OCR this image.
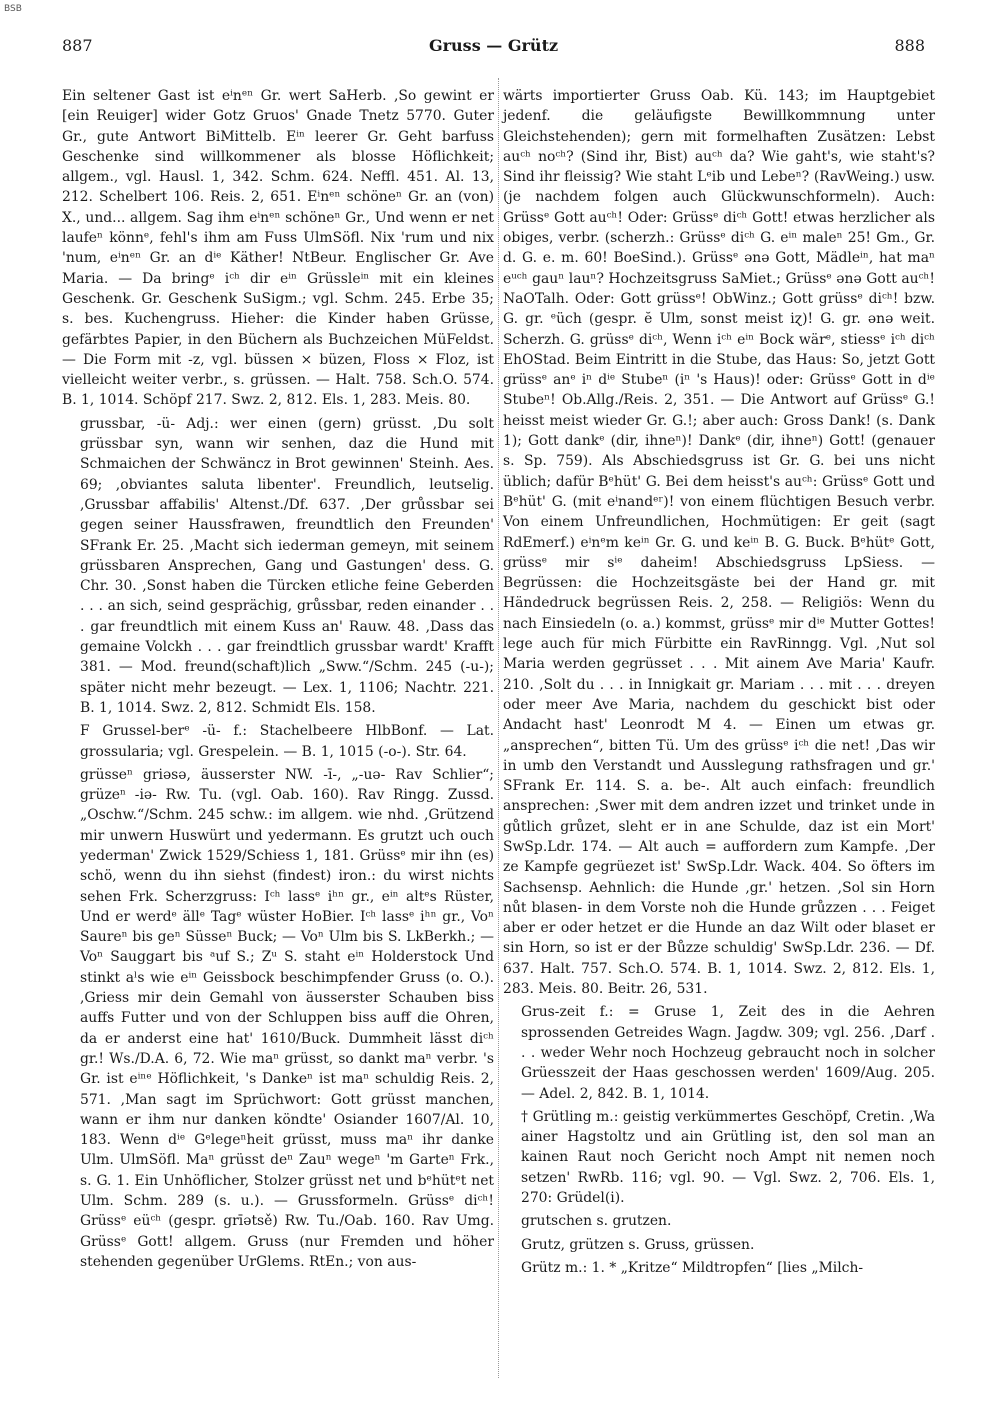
BSB
887	Gruss — Grütz	888

Ein seltener Gast ist eⁱnᵉⁿ Gr. wert SaHerb. ,So gewint er [ein Reuiger] wider Gotz Gruos' Gnade Tnetz 5770. Guter Gr., gute Antwort BiMittelb. Eⁱⁿ leerer Gr. Geht barfuss Geschenke sind willkommener als blosse Höflichkeit; allgem., vgl. Hausl. 1, 342. Schm. 624. Neffl. 451. Al. 13, 212. Schelbert 106. Reis. 2, 651. Eⁱnᵉⁿ schöneⁿ Gr. an (von) X., und... allgem. Sag ihm eⁱnᵉⁿ schöneⁿ Gr., Und wenn er net laufeⁿ könnᵉ, fehl's ihm am Fuss UlmSöfl. Nix 'rum und nix 'num, eⁱnᵉⁿ Gr. an dⁱᵉ Käther! NtBeur. Englischer Gr. Ave Maria. — Da bringᵉ iᶜʰ dir eⁱⁿ Grüssleⁱⁿ mit ein kleines Geschenk. Gr. Geschenk SuSigm.; vgl. Schm. 245. Erbe 35; s. bes. Kuchengruss. Hieher: die Kinder haben Grüsse, gefärbtes Papier, in den Büchern als Buchzeichen MüFeldst. — Die Form mit -z, vgl. büssen × büzen, Floss × Floz, ist vielleicht weiter verbr., s. grüssen. — Halt. 758. Sch.O. 574. B. 1, 1014. Schöpf 217. Swz. 2, 812. Els. 1, 283. Meis. 80.

grussbar, -ü- Adj.: wer einen (gern) grüsst. ,Du solt grüssbar syn, wann wir senhen, daz die Hund mit Schmaichen der Schwäncz in Brot gewinnen' Steinh. Aes. 69; ,obviantes saluta libenter'. Freundlich, leutselig. ,Grussbar affabilis' Altenst./Df. 637. ,Der grůssbar sei gegen seiner Haussfrawen, freundtlich den Freunden' SFrank Er. 25. ,Macht sich iederman gemeyn, mit seinem grüssbaren Ansprechen, Gang und Gastungen' dess. G. Chr. 30. ,Sonst haben die Türcken etliche feine Geberden . . . an sich, seind gesprächig, grůssbar, reden einander . . . gar freundtlich mit einem Kuss an' Rauw. 48. ,Dass das gemaine Volckh . . . gar freindtlich grussbar wardt' Krafft 381. — Mod. freund(schaft)lich „Sww.“/Schm. 245 (-u-); später nicht mehr bezeugt. — Lex. 1, 1106; Nachtr. 221. B. 1, 1014. Swz. 2, 812. Schmidt Els. 158.

F Grussel-berᵉ -ü- f.: Stachelbeere HlbBonf. — Lat. grossularia; vgl. Grespelein. — B. 1, 1015 (-o-). Str. 64.

grüsseⁿ griəsə, äusserster NW. -ī-, „-uə- Rav Schlier“; grüzeⁿ -iə- Rw. Tu. (vgl. Oab. 160). Rav Ringg. Zussd. „Oschw.“/Schm. 245 schw.: im allgem. wie nhd. ,Grützend mir unwern Huswürt und yedermann. Es grutzt uch ouch yederman' Zwick 1529/Schiess 1, 181. Grüssᵉ mir ihn (es) schö, wenn du ihn siehst (findest) iron.: du wirst nichts sehen Frk. Scherzgruss: Iᶜʰ lassᵉ iʰⁿ gr., eⁱⁿ altᵉs Rüster, Und er werdᵉ ällᵉ Tagᵉ wüster HoBier. Iᶜʰ lassᵉ iʰⁿ gr., Voⁿ Saureⁿ bis geⁿ Süsseⁿ Buck; — Voⁿ Ulm bis S. LkBerkh.; — Voⁿ Sauggart bis ᵃuf S.; Zᵘ S. staht eⁱⁿ Holderstock Und stinkt aˡs wie eⁱⁿ Geissbock beschimpfender Gruss (o. O.). ,Griess mir dein Gemahl von äusserster Schauben biss auffs Futter und von der Schluppen biss auff die Ohren, da er anderst eine hat' 1610/Buck. Dummheit lässt diᶜʰ gr.! Ws./D.A. 6, 72. Wie maⁿ grüsst, so dankt maⁿ verbr. 's Gr. ist eⁱⁿᵉ Höflichkeit, 's Dankeⁿ ist maⁿ schuldig Reis. 2, 571. ,Man sagt im Sprüchwort: Gott grüsst manchen, wann er ihm nur danken köndte' Osiander 1607/Al. 10, 183. Wenn dⁱᵉ Gᵉlegeⁿheit grüsst, muss maⁿ ihr danke Ulm. UlmSöfl. Maⁿ grüsst deⁿ Zauⁿ wegeⁿ 'm Garteⁿ Frk., s. G. 1. Ein Unhöflicher, Stolzer grüsst net und bᵉhütᵉt net Ulm. Schm. 289 (s. u.). — Grussformeln. Grüssᵉ diᶜʰ! Grüssᵉ eüᶜʰ (gespr. grīətsě) Rw. Tu./Oab. 160. Rav Umg. Grüssᵉ Gott! allgem. Gruss (nur Fremden und höher stehenden gegenüber UrGlems. RtEn.; von aus-

wärts importierter Gruss Oab. Kü. 143; im Hauptgebiet jedenf. die geläufigste Bewillkommnung unter Gleichstehenden); gern mit formelhaften Zusätzen: Lebst auᶜʰ noᶜʰ? (Sind ihr, Bist) auᶜʰ da? Wie gaht's, wie staht's? Sind ihr fleissig? Wie staht Lᵉib und Lebeⁿ? (RavWeing.) usw. (je nachdem folgen auch Glückwunschformeln). Auch: Grüssᵉ Gott auᶜʰ! Oder: Grüssᵉ diᶜʰ Gott! etwas herzlicher als obiges, verbr. (scherzh.: Grüssᵉ diᶜʰ G. eⁱⁿ maleⁿ 25! Gm., Gr. d. G. e. m. 60! BoeSind.). Grüssᵉ ənə Gott, Mädleⁱⁿ, hat maⁿ eᵘᶜʰ gauⁿ lauⁿ? Hochzeitsgruss SaMiet.; Grüssᵉ ənə Gott auᶜʰ! NaOTalh. Oder: Gott grüssᵉ! ObWinz.; Gott grüssᵉ diᶜʰ! bzw. G. gr. ᵉüch (gespr. ĕ Ulm, sonst meist iɀ)! G. gr. ənə weit. Scherzh. G. grüssᵉ diᶜʰ, Wenn iᶜʰ eⁱⁿ Bock wärᵉ, stiessᵉ iᶜʰ diᶜʰ EhOStad. Beim Eintritt in die Stube, das Haus: So, jetzt Gott grüssᵉ anᵉ iⁿ dⁱᵉ Stubeⁿ (iⁿ 's Haus)! oder: Grüssᵉ Gott in dⁱᵉ Stubeⁿ! Ob.Allg./Reis. 2, 351. — Die Antwort auf Grüssᵉ G.! heisst meist wieder Gr. G.!; aber auch: Gross Dank! (s. Dank 1); Gott dankᵉ (dir, ihneⁿ)! Dankᵉ (dir, ihneⁿ) Gott! (genauer s. Sp. 759). Als Abschiedsgruss ist Gr. G. bei uns nicht üblich; dafür Bᵉhüt' G. Bei dem heisst's auᶜʰ: Grüssᵉ Gott und Bᵉhüt' G. (mit eⁱnandᵉʳ)! von einem flüchtigen Besuch verbr. Von einem Unfreundlichen, Hochmütigen: Er geit (sagt RdEmerf.) eⁱnᵉm keⁱⁿ Gr. G. und keⁱⁿ B. G. Buck. Bᵉhütᵉ Gott, grüssᵉ mir sⁱᵉ daheim! Abschiedsgruss LpSiess. — Begrüssen: die Hochzeitsgäste bei der Hand gr. mit Händedruck begrüssen Reis. 2, 258. — Religiös: Wenn du nach Einsiedeln (o. a.) kommst, grüssᵉ mir dⁱᵉ Mutter Gottes! lege auch für mich Fürbitte ein RavRinngg. Vgl. ,Nut sol Maria werden gegrüsset . . . Mit ainem Ave Maria' Kaufr. 210. ,Solt du . . . in Innigkait gr. Mariam . . . mit . . . dreyen oder meer Ave Maria, nachdem du geschickt bist oder Andacht hast' Leonrodt M 4. — Einen um etwas gr. „ansprechen“, bitten Tü. Um des grüssᵉ iᶜʰ die net! ,Das wir in umb den Verstandt und Ausslegung rathsfragen und gr.' SFrank Er. 114. S. a. be-. Alt auch einfach: freundlich ansprechen: ,Swer mit dem andren izzet und trinket unde in gůtlich grůzet, sleht er in ane Schulde, daz ist ein Mort' SwSp.Ldr. 174. — Alt auch = auffordern zum Kampfe. ,Der ze Kampfe gegrüezet ist' SwSp.Ldr. Wack. 404. So öfters im Sachsensp. Aehnlich: die Hunde ,gr.' hetzen. ,Sol sin Horn nůt blasen- in dem Vorste noh die Hunde grůzzen . . . Feiget aber er oder hetzet er die Hunde an daz Wilt oder blaset er sin Horn, so ist er der Bůzze schuldig' SwSp.Ldr. 236. — Df. 637. Halt. 757. Sch.O. 574. B. 1, 1014. Swz. 2, 812. Els. 1, 283. Meis. 80. Beitr. 26, 531.

Grus-zeit f.: = Gruse 1, Zeit des in die Aehren sprossenden Getreides Wagn. Jagdw. 309; vgl. 256. ,Darf . . . weder Wehr noch Hochzeug gebraucht noch in solcher Grüesszeit der Haas geschossen werden' 1609/Aug. 205. — Adel. 2, 842. B. 1, 1014.

† Grütling m.: geistig verkümmertes Geschöpf, Cretin. ,Wa ainer Hagstoltz und ain Grütling ist, den sol man an kainen Raut noch Gericht noch Ampt nit nemen noch setzen' RwRb. 116; vgl. 90. — Vgl. Swz. 2, 706. Els. 1, 270: Grüdel(i).

grutschen s. grutzen.

Grutz, grützen s. Gruss, grüssen.

Grütz m.: 1. * „Kritze“ Mildtropfen“ [lies „Milch-
